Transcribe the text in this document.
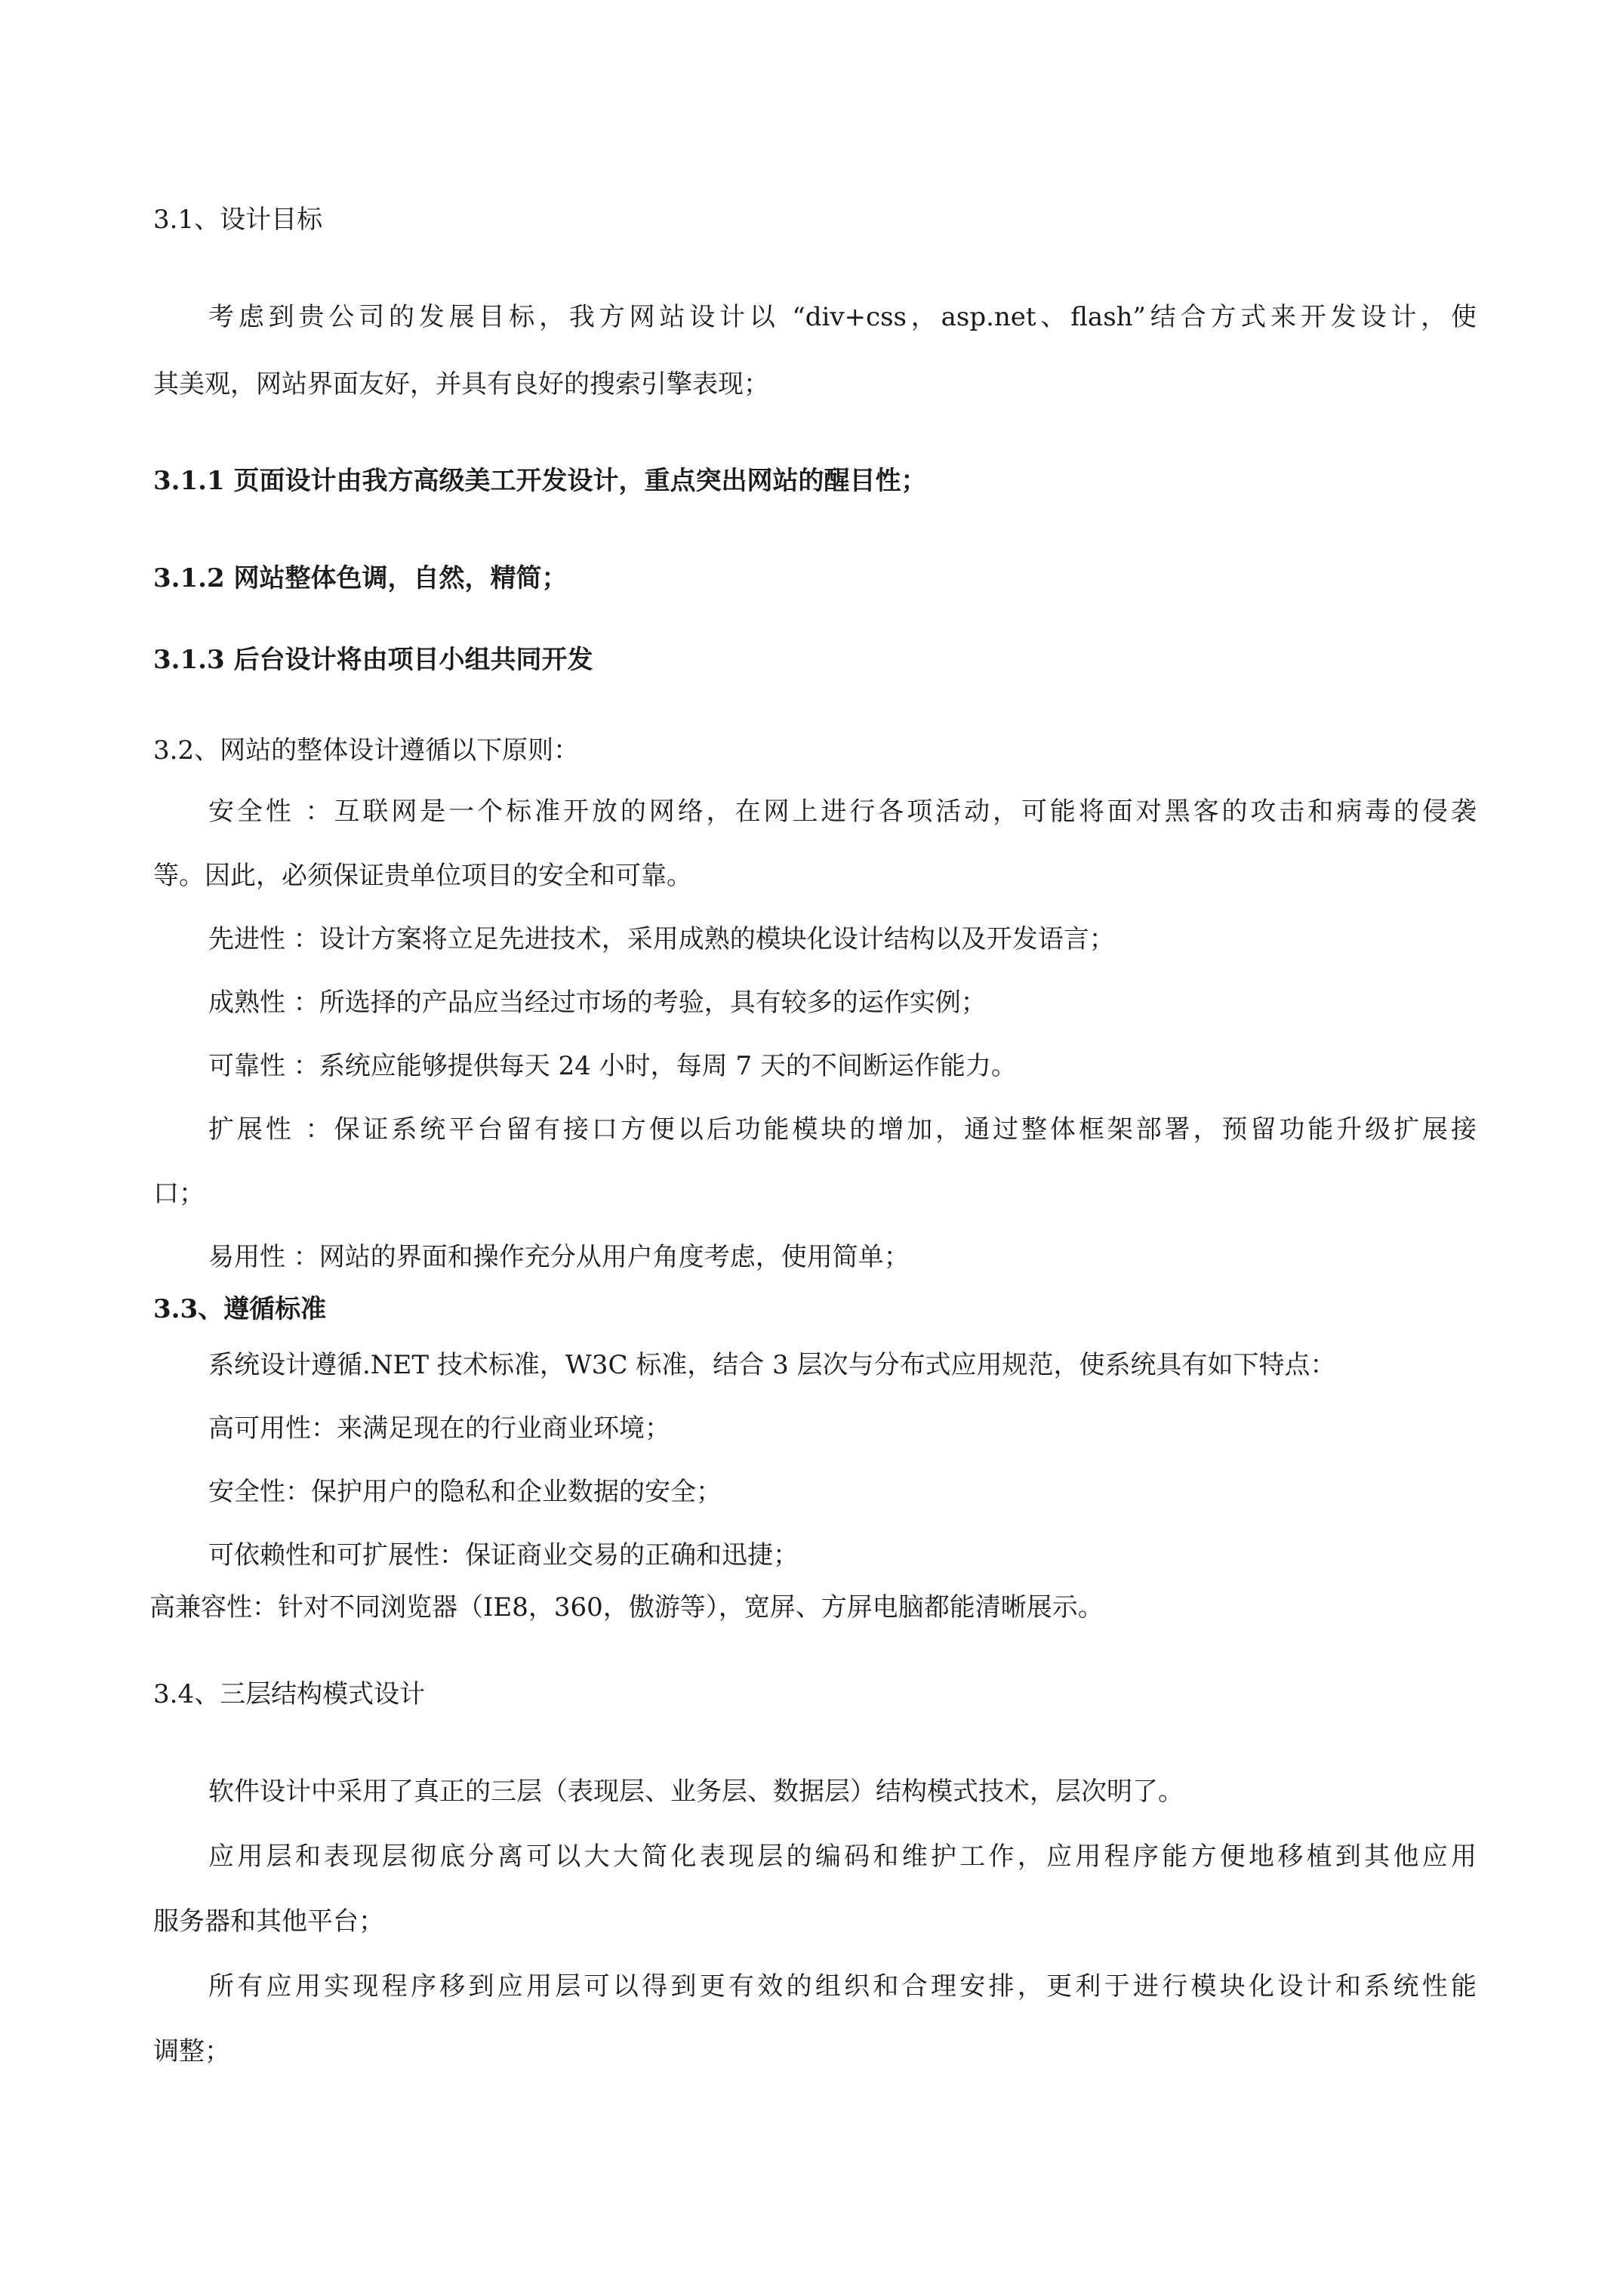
3.1、设计目标

考虑到贵公司的发展目标，我方网站设计以 “div+css，asp.net、flash”结合方式来开发设计，使

其美观，网站界面友好，并具有良好的搜索引擎表现；

3.1.1 页面设计由我方高级美工开发设计，重点突出网站的醒目性；

3.1.2 网站整体色调，自然，精简；

3.1.3 后台设计将由项目小组共同开发

3.2、网站的整体设计遵循以下原则：

安全性 ：互联网是一个标准开放的网络，在网上进行各项活动，可能将面对黑客的攻击和病毒的侵袭

等。因此，必须保证贵单位项目的安全和可靠。

先进性 ：设计方案将立足先进技术，采用成熟的模块化设计结构以及开发语言；

成熟性 ：所选择的产品应当经过市场的考验，具有较多的运作实例；

可靠性 ：系统应能够提供每天 24 小时，每周 7 天的不间断运作能力。

扩展性 ：保证系统平台留有接口方便以后功能模块的增加，通过整体框架部署，预留功能升级扩展接

口；

易用性 ：网站的界面和操作充分从用户角度考虑，使用简单；

3.3、遵循标准

系统设计遵循.NET 技术标准，W3C 标准，结合 3 层次与分布式应用规范，使系统具有如下特点：

高可用性：来满足现在的行业商业环境；

安全性：保护用户的隐私和企业数据的安全；

可依赖性和可扩展性：保证商业交易的正确和迅捷；

高兼容性：针对不同浏览器（IE8，360，傲游等），宽屏、方屏电脑都能清晰展示。

3.4、三层结构模式设计

软件设计中采用了真正的三层（表现层、业务层、数据层）结构模式技术，层次明了。

应用层和表现层彻底分离可以大大简化表现层的编码和维护工作，应用程序能方便地移植到其他应用

服务器和其他平台；

所有应用实现程序移到应用层可以得到更有效的组织和合理安排，更利于进行模块化设计和系统性能

调整；
